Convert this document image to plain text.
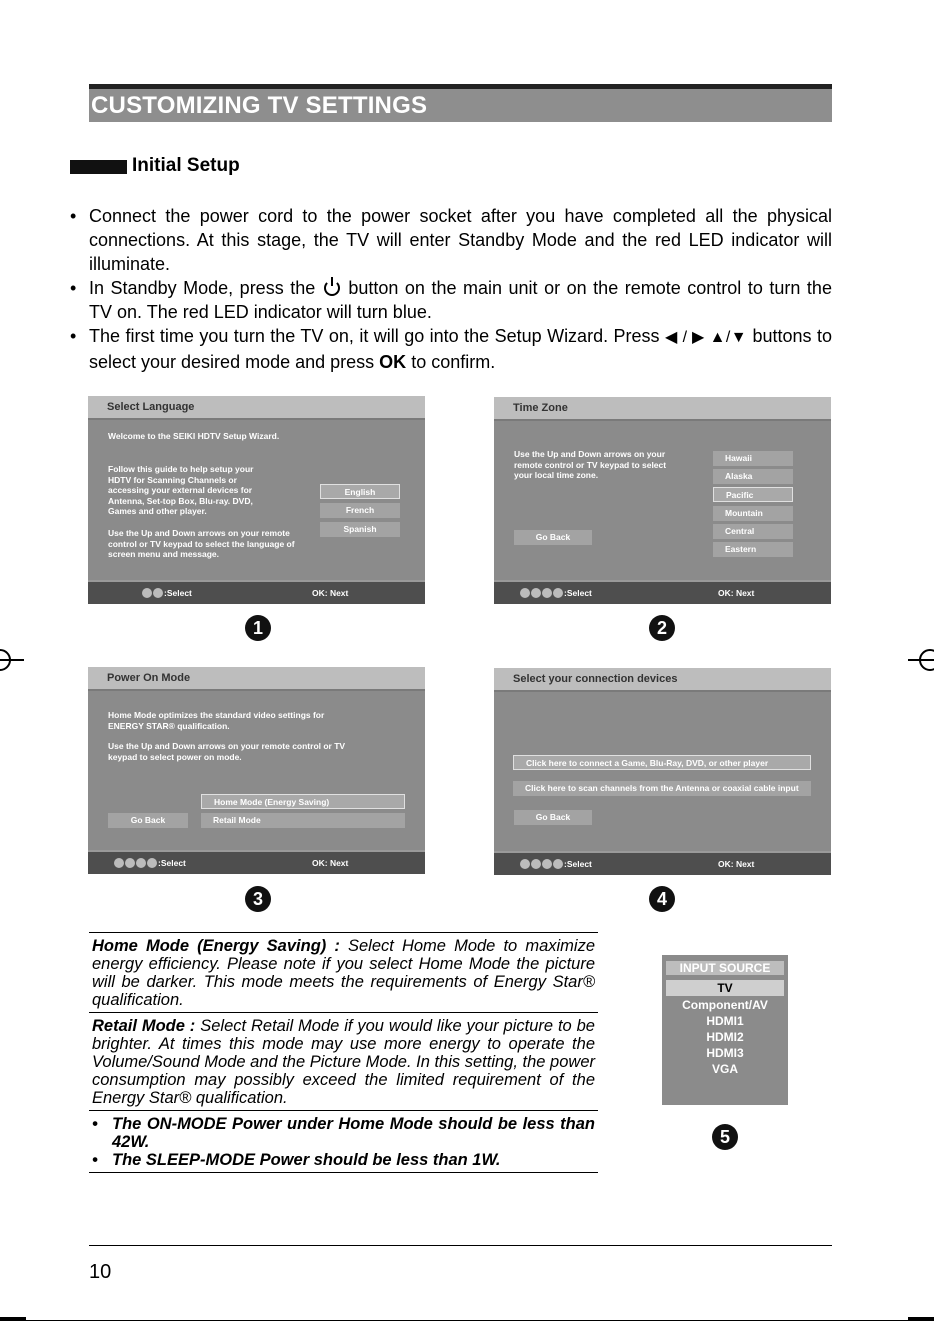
CUSTOMIZING TV SETTINGS
Initial Setup
• Connect the power cord to the power socket after you have completed all the physical connections. At this stage, the TV will enter Standby Mode and the red LED indicator will illuminate.
• In Standby Mode, press the button on the main unit or on the remote control to turn the TV on. The red LED indicator will turn blue.
• The first time you turn the TV on, it will go into the Setup Wizard. Press ◀ / ▶ ▲/▼ buttons to select your desired mode and press OK to confirm.
Select Language
Welcome to the SEIKI HDTV Setup Wizard.
Follow this guide to help setup your HDTV for Scanning Channels or accessing your external devices for Antenna, Set-top Box, Blu-ray. DVD, Games and other player.
Use the Up and Down arrows on your remote control or TV keypad to select the language of screen menu and message.
English
French
Spanish
:Select	OK: Next
1
Time Zone
Use the Up and Down arrows on your remote control or TV keypad to select your local time zone.
Go Back
Hawaii
Alaska
Pacific
Mountain
Central
Eastern
:Select	OK: Next
2
Power On Mode
Home Mode optimizes the standard video settings for ENERGY STAR® qualification.
Use the Up and Down arrows on your remote control or TV keypad to select power on mode.
Go Back
Home Mode (Energy Saving)
Retail Mode
:Select	OK: Next
3
Select your connection devices
Click here to connect a Game, Blu-Ray, DVD, or other player
Click here to scan channels from the Antenna or coaxial cable input
Go Back
:Select	OK: Next
4
Home Mode (Energy Saving) : Select Home Mode to maximize energy efficiency. Please note if you select Home Mode the picture will be darker. This mode meets the requirements of Energy Star® qualification.
Retail Mode : Select Retail Mode if you would like your picture to be brighter. At times this mode may use more energy to operate the Volume/Sound Mode and the Picture Mode. In this setting, the power consumption may possibly exceed the limited requirement of the Energy Star® qualification.
• The ON-MODE Power under Home Mode should be less than 42W.
• The SLEEP-MODE Power should be less than 1W.
INPUT SOURCE
TV
Component/AV
HDMI1
HDMI2
HDMI3
VGA
5
10
